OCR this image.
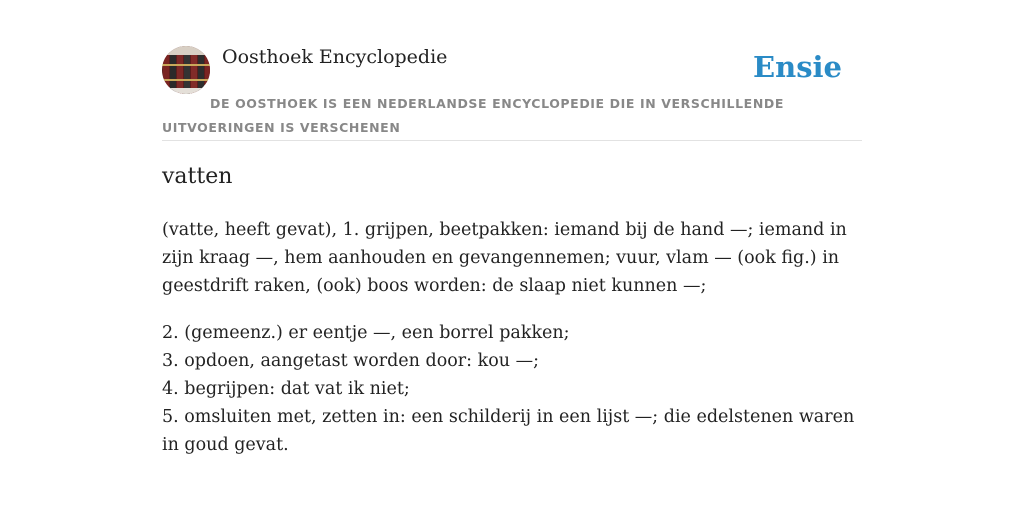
Oosthoek Encyclopedie	Ensie
DE OOSTHOEK IS EEN NEDERLANDSE ENCYCLOPEDIE DIE IN VERSCHILLENDE UITVOERINGEN IS VERSCHENEN
vatten

(vatte, heeft gevat), 1. grijpen, beetpakken: iemand bij de hand —; iemand in zijn kraag —, hem aanhouden en gevangennemen; vuur, vlam — (ook fig.) in geestdrift raken, (ook) boos worden: de slaap niet kunnen —;

2. (gemeenz.) er eentje —, een borrel pakken;
3. opdoen, aangetast worden door: kou —;
4. begrijpen: dat vat ik niet;
5. omsluiten met, zetten in: een schilderij in een lijst —; die edelstenen waren in goud gevat.
